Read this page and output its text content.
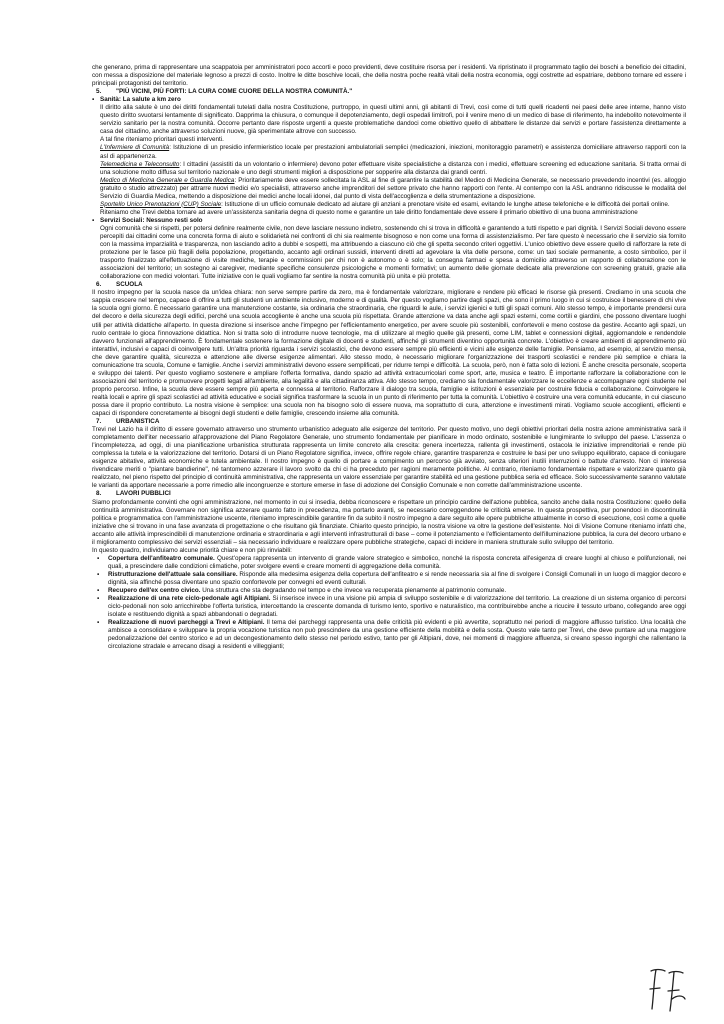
che generano, prima di rappresentare una scappatoia per amministratori poco accorti e poco previdenti, deve costituire risorsa per i residenti. Va ripristinato il programmato taglio dei boschi a beneficio dei cittadini, con messa a disposizione del materiale legnoso a prezzi di costo. Inoltre le ditte boschive locali, che della nostra poche realtà vitali della nostra economia, oggi costrette ad espatriare, debbono tornare ed essere i principali protagonisti del territorio.

5. "PIÙ VICINI, PIÙ FORTI: LA CURA COME CUORE DELLA NOSTRA COMUNITÀ."

▪ Sanità: La salute a km zero

Il diritto alla salute è uno dei diritti fondamentali tutelati dalla nostra Costituzione, purtroppo, in questi ultimi anni, gli abitanti di Trevi, così come di tutti quelli ricadenti nei paesi delle aree interne, hanno visto questo diritto svuotarsi lentamente di significato. Dapprima la chiusura, o comunque il depotenziamento, degli ospedali limitrofi, poi il venire meno di un medico di base di riferimento, ha indebolito notevolmente il servizio sanitario per la nostra comunità. Occorre pertanto dare risposte urgenti a queste problematiche dandoci come obiettivo quello di abbattere le distanze dai servizi e portare l'assistenza direttamente a casa del cittadino, anche attraverso soluzioni nuove, già sperimentate altrove con successo.

A tal fine riteniamo prioritari questi interventi.

L'Infermiere di Comunità: Istituzione di un presidio infermieristico locale per prestazioni ambulatoriali semplici (medicazioni, iniezioni, monitoraggio parametri) e assistenza domiciliare attraverso rapporti con la asl di appartenenza.

Telemedicina e Teleconsulto: I cittadini (assistiti da un volontario o infermiere) devono poter effettuare visite specialistiche a distanza con i medici, effettuare screening ed educazione sanitaria. Si tratta ormai di una soluzione molto diffusa sul territorio nazionale e uno degli strumenti migliori a disposizione per sopperire alla distanza dai grandi centri.

Medico di Medicina Generale e Guardia Medica: Prioritariamente deve essere sollecitata la ASL al fine di garantire la stabilità del Medico di Medicina Generale, se necessario prevedendo incentivi (es. alloggio gratuito o studio attrezzato) per attrarre nuovi medici e/o specialisti, attraverso anche imprenditori del settore privato che hanno rapporti con l'ente. Al contempo con la ASL andranno ridiscusse le modalità del Servizio di Guardia Medica, mettendo a disposizione dei medici anche locali idonei, dal punto di vista dell'accoglienza e della strumentazione a disposizione.

Sportello Unico Prenotazioni (CUP) Sociale: Istituzione di un ufficio comunale dedicato ad aiutare gli anziani a prenotare visite ed esami, evitando le lunghe attese telefoniche e le difficoltà dei portali online.

Riteniamo che Trevi debba tornare ad avere un'assistenza sanitaria degna di questo nome e garantire un tale diritto fondamentale deve essere il primario obiettivo di una buona amministrazione

▪ Servizi Sociali: Nessuno resti solo

Ogni comunità che si rispetti, per potersi definire realmente civile, non deve lasciare nessuno indietro, sostenendo chi si trova in difficoltà e garantendo a tutti rispetto e pari dignità. I Servizi Sociali devono essere percepiti dai cittadini come una concreta forma di aiuto e solidarietà nei confronti di chi sia realmente bisognoso e non come una forma di assistenzialismo. Per fare questo è necessario che il servizio sia fornito con la massima imparzialità e trasparenza, non lasciando adito a dubbi e sospetti, ma attribuendo a ciascuno ciò che gli spetta secondo criteri oggettivi. L'unico obiettivo deve essere quello di rafforzare la rete di protezione per le fasce più fragili della popolazione, progettando, accanto agli ordinari sussidi, interventi diretti ad agevolare la vita delle persone, come: un taxi sociale permanente, a costo simbolico, per il trasporto finalizzato all'effettuazione di visite mediche, terapie e commissioni per chi non è autonomo o è solo; la consegna farmaci e spesa a domicilio attraverso un rapporto di collaborazione con le associazioni del territorio; un sostegno ai caregiver, mediante specifiche consulenze psicologiche e momenti formativi; un aumento delle giornate dedicate alla prevenzione con screening gratuiti, grazie alla collaborazione con medici volontari. Tutte iniziative con le quali vogliamo far sentire la nostra comunità più unita e più protetta.

6. SCUOLA

Il nostro impegno per la scuola nasce da un'idea chiara: non serve sempre partire da zero, ma è fondamentale valorizzare, migliorare e rendere più efficaci le risorse già presenti. Crediamo in una scuola che sappia crescere nel tempo, capace di offrire a tutti gli studenti un ambiente inclusivo, moderno e di qualità. Per questo vogliamo partire dagli spazi, che sono il primo luogo in cui si costruisce il benessere di chi vive la scuola ogni giorno. È necessario garantire una manutenzione costante, sia ordinaria che straordinaria, che riguardi le aule, i servizi igienici e tutti gli spazi comuni. Allo stesso tempo, è importante prendersi cura del decoro e della sicurezza degli edifici, perché una scuola accogliente è anche una scuola più rispettata. Grande attenzione va data anche agli spazi esterni, come cortili e giardini, che possono diventare luoghi utili per attività didattiche all'aperto. In questa direzione si inserisce anche l'impegno per l'efficientamento energetico, per avere scuole più sostenibili, confortevoli e meno costose da gestire. Accanto agli spazi, un ruolo centrale lo gioca l'innovazione didattica. Non si tratta solo di introdurre nuove tecnologie, ma di utilizzare al meglio quelle già presenti, come LIM, tablet e connessioni digitali, aggiornandole e rendendole davvero funzionali all'apprendimento. È fondamentale sostenere la formazione digitale di docenti e studenti, affinché gli strumenti diventino opportunità concrete. L'obiettivo è creare ambienti di apprendimento più interattivi, inclusivi e capaci di coinvolgere tutti. Un'altra priorità riguarda i servizi scolastici, che devono essere sempre più efficienti e vicini alle esigenze delle famiglie. Pensiamo, ad esempio, al servizio mensa, che deve garantire qualità, sicurezza e attenzione alle diverse esigenze alimentari. Allo stesso modo, è necessario migliorare l'organizzazione dei trasporti scolastici e rendere più semplice e chiara la comunicazione tra scuola, Comune e famiglie. Anche i servizi amministrativi devono essere semplificati, per ridurre tempi e difficoltà. La scuola, però, non è fatta solo di lezioni. È anche crescita personale, scoperta e sviluppo dei talenti. Per questo vogliamo sostenere e ampliare l'offerta formativa, dando spazio ad attività extracurricolari come sport, arte, musica e teatro. È importante rafforzare la collaborazione con le associazioni del territorio e promuovere progetti legati all'ambiente, alla legalità e alla cittadinanza attiva. Allo stesso tempo, crediamo sia fondamentale valorizzare le eccellenze e accompagnare ogni studente nel proprio percorso. Infine, la scuola deve essere sempre più aperta e connessa al territorio. Rafforzare il dialogo tra scuola, famiglie e istituzioni è essenziale per costruire fiducia e collaborazione. Coinvolgere le realtà locali e aprire gli spazi scolastici ad attività educative e sociali significa trasformare la scuola in un punto di riferimento per tutta la comunità. L'obiettivo è costruire una vera comunità educante, in cui ciascuno possa dare il proprio contributo. La nostra visione è semplice: una scuola non ha bisogno solo di essere nuova, ma soprattutto di cura, attenzione e investimenti mirati. Vogliamo scuole accoglienti, efficienti e capaci di rispondere concretamente ai bisogni degli studenti e delle famiglie, crescendo insieme alla comunità.

7. URBANISTICA

Trevi nel Lazio ha il diritto di essere governato attraverso uno strumento urbanistico adeguato alle esigenze del territorio. Per questo motivo, uno degli obiettivi prioritari della nostra azione amministrativa sarà il completamento dell'iter necessario all'approvazione del Piano Regolatore Generale, uno strumento fondamentale per pianificare in modo ordinato, sostenibile e lungimirante lo sviluppo del paese. L'assenza o l'incompletezza, ad oggi, di una pianificazione urbanistica strutturata rappresenta un limite concreto alla crescita: genera incertezza, rallenta gli investimenti, ostacola le iniziative imprenditoriali e rende più complessa la tutela e la valorizzazione del territorio. Dotarsi di un Piano Regolatore significa, invece, offrire regole chiare, garantire trasparenza e costruire le basi per uno sviluppo equilibrato, capace di coniugare esigenze abitative, attività economiche e tutela ambientale. Il nostro impegno è quello di portare a compimento un percorso già avviato, senza ulteriori inutili interruzioni o battute d'arresto. Non ci interessa rivendicare meriti o "piantare bandierine", né tantomeno azzerare il lavoro svolto da chi ci ha preceduto per ragioni meramente politiche. Al contrario, riteniamo fondamentale rispettare e valorizzare quanto già realizzato, nel pieno rispetto del principio di continuità amministrativa, che rappresenta un valore essenziale per garantire stabilità ed una gestione pubblica seria ed efficace. Solo successivamente saranno valutate le varianti da apportare necessarie a porre rimedio alle incongruenze e storture emerse in fase di adozione del Consiglio Comunale e non corrette dall'amministrazione uscente.

8. LAVORI PUBBLICI

Siamo profondamente convinti che ogni amministrazione, nel momento in cui si insedia, debba riconoscere e rispettare un principio cardine dell'azione pubblica, sancito anche dalla nostra Costituzione: quello della continuità amministrativa. Governare non significa azzerare quanto fatto in precedenza, ma portarlo avanti, se necessario correggendone le criticità emerse. In questa prospettiva, pur ponendoci in discontinuità politica e programmatica con l'amministrazione uscente, riteniamo imprescindibile garantire fin da subito il nostro impegno a dare seguito alle opere pubbliche attualmente in corso di esecuzione, così come a quelle iniziative che si trovano in una fase avanzata di progettazione o che risultano già finanziate. Chiarito questo principio, la nostra visione va oltre la gestione dell'esistente. Noi di Visione Comune riteniamo infatti che, accanto alle attività imprescindibili di manutenzione ordinaria e straordinaria e agli interventi infrastrutturali di base – come il potenziamento e l'efficientamento dell'illuminazione pubblica, la cura del decoro urbano e il miglioramento complessivo dei servizi essenziali – sia necessario individuare e realizzare opere pubbliche strategiche, capaci di incidere in maniera strutturale sullo sviluppo del territorio.

In questo quadro, individuiamo alcune priorità chiare e non più rinviabili:

▪ Copertura dell'anfiteatro comunale. Quest'opera rappresenta un intervento di grande valore strategico e simbolico, nonché la risposta concreta all'esigenza di creare luoghi al chiuso e polifunzionali, nei quali, a prescindere dalle condizioni climatiche, poter svolgere eventi e creare momenti di aggregazione della comunità.
▪ Ristrutturazione dell'attuale sala consiliare. Risponde alla medesima esigenza della copertura dell'anfiteatro e si rende necessaria sia al fine di svolgere i Consigli Comunali in un luogo di maggior decoro e dignità, sia affinché possa diventare uno spazio confortevole per convegni ed eventi culturali.
▪ Recupero dell'ex centro civico. Una struttura che sta degradando nel tempo e che invece va recuperata pienamente al patrimonio comunale.
▪ Realizzazione di una rete ciclo-pedonale agli Altipiani. Si inserisce invece in una visione più ampia di sviluppo sostenibile e di valorizzazione del territorio. La creazione di un sistema organico di percorsi ciclo-pedonali non solo arricchirebbe l'offerta turistica, intercettando la crescente domanda di turismo lento, sportivo e naturalistico, ma contribuirebbe anche a ricucire il tessuto urbano, collegando aree oggi isolate e restituendo dignità a spazi abbandonati o degradati.
▪ Realizzazione di nuovi parcheggi a Trevi e Altipiani. Il tema dei parcheggi rappresenta una delle criticità più evidenti e più avvertite, soprattutto nei periodi di maggiore afflusso turistico. Una località che ambisce a consolidare e sviluppare la propria vocazione turistica non può prescindere da una gestione efficiente della mobilità e della sosta. Questo vale tanto per Trevi, che deve puntare ad una maggiore pedonalizzazione del centro storico e ad un decongestionamento dello stesso nel periodo estivo, tanto per gli Altipiani, dove, nei momenti di maggiore affluenza, si creano spesso ingorghi che rallentano la circolazione stradale e arrecano disagi a residenti e villeggianti;
